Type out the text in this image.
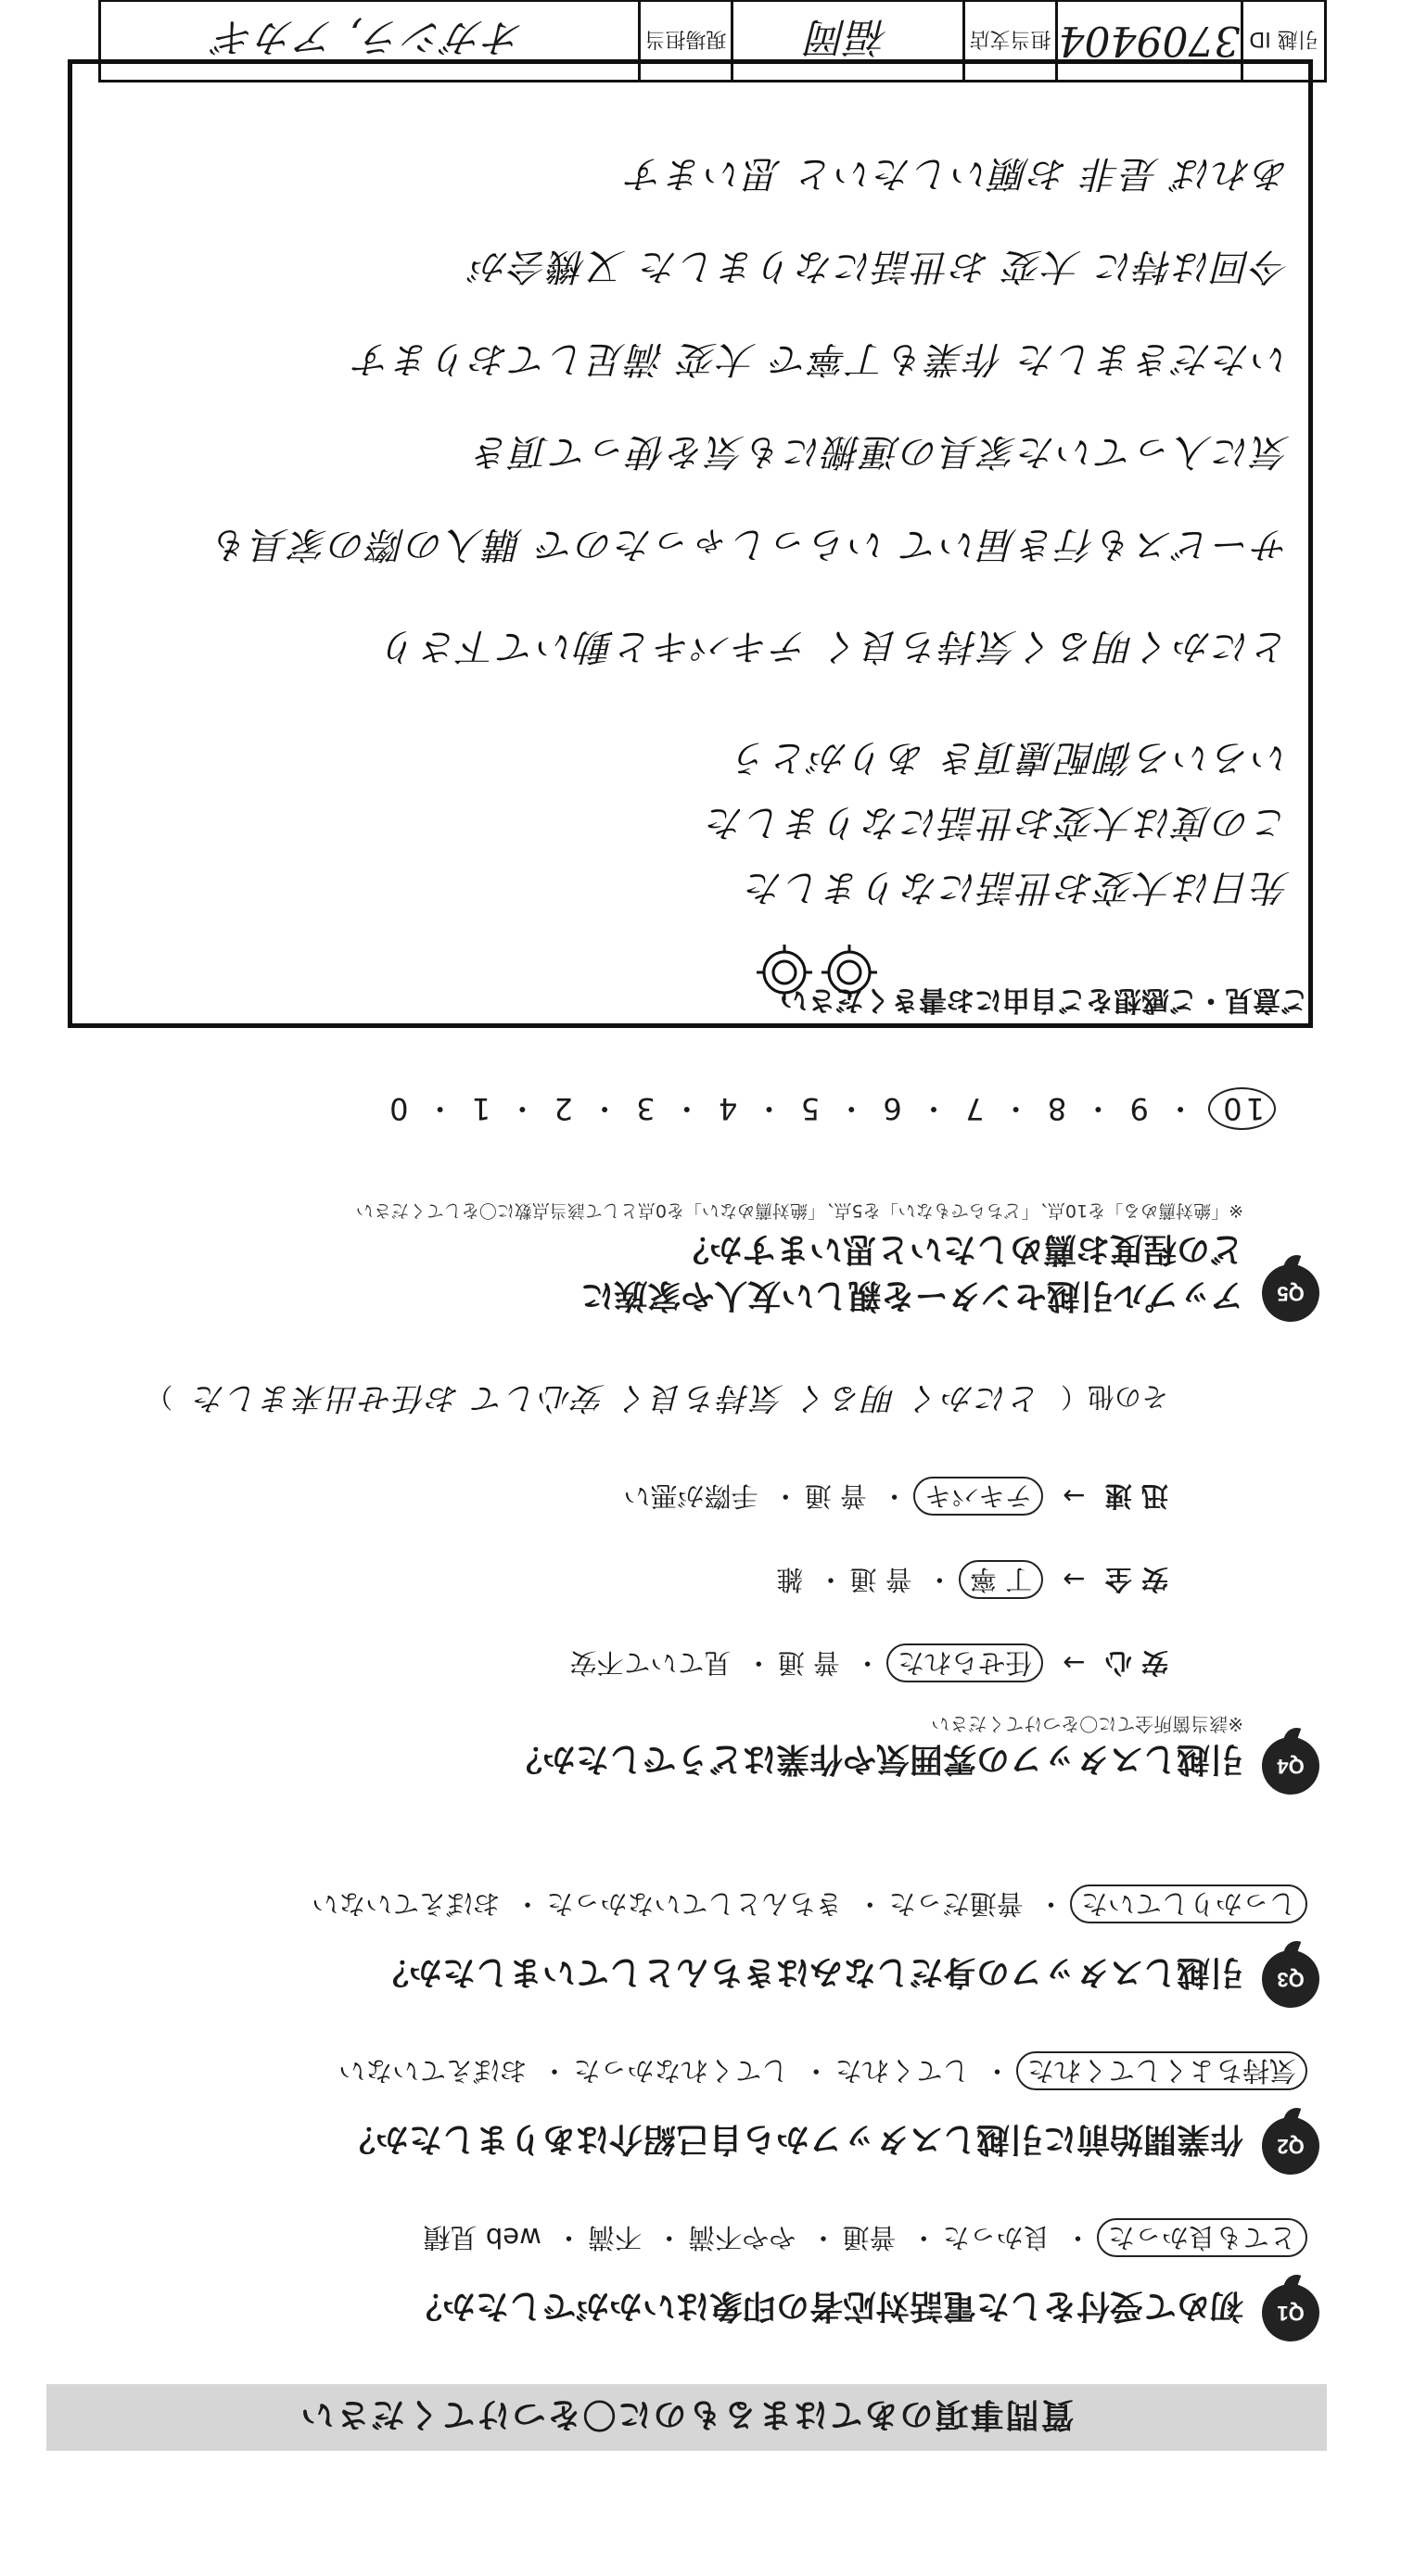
質問事項のあてはまるものに〇をつけてください
Q1
初めて受付をした電話対応者の印象はいかがでしたか？
とても良かった・ 良かった・ 普通・ やや不満・ 不満・ web 見積
Q2
作業開始前に引越しスタッフから自己紹介はありましたか？
気持ちよくしてくれた・ してくれた・ してくれなかった・ おぼえていない
Q3
引越しスタッフの身だしなみはきちんとしていましたか？
しっかりしていた・ 普通だった・ きちんとしていなかった・ おぼえていない
Q4
引越しスタッフの雰囲気や作業はどうでしたか？
※該当箇所全てに〇をつけてください
安 心 → 任せられた・ 普 通・ 見ていて不安
安 全 → 丁 寧・ 普 通・ 雑
迅 速 → テキパキ・ 普 通・ 手際が悪い
その他（ とにかく 明るく 気持ち良く 安心して お任せ出来ました ）
Q5
アップル引越センターを親しい友人や家族に
どの程度お薦めしたいと思いますか？
※「絶対薦める」を10点、「どちらでもない」を5点、「絶対薦めない」を0点として該当点数に〇をしてください
10 ・ 9 ・ 8 ・ 7 ・ 6 ・ 5 ・ 4 ・ 3 ・ 2 ・ 1 ・ 0
ご意見・ご感想をご自由にお書きください
先日は大変お世話になりました
この度は大変お世話になりました
いろいろ御配慮頂き ありがとう
とにかく明るく気持ち良く テキパキと動いて下さり
サービスも行き届いて いらっしゃったので 購入の際の家具も
気に入っていた家具の運搬にも気を使って頂き
いただきました 作業も丁寧で 大変 満足しております
今回は特に 大変 お世話になりました 又機会が
あれば 是非 お願いしたいと 思います
引越 ID
3709404
担当支店
福岡
現場担当
オガシラ, アカギ
